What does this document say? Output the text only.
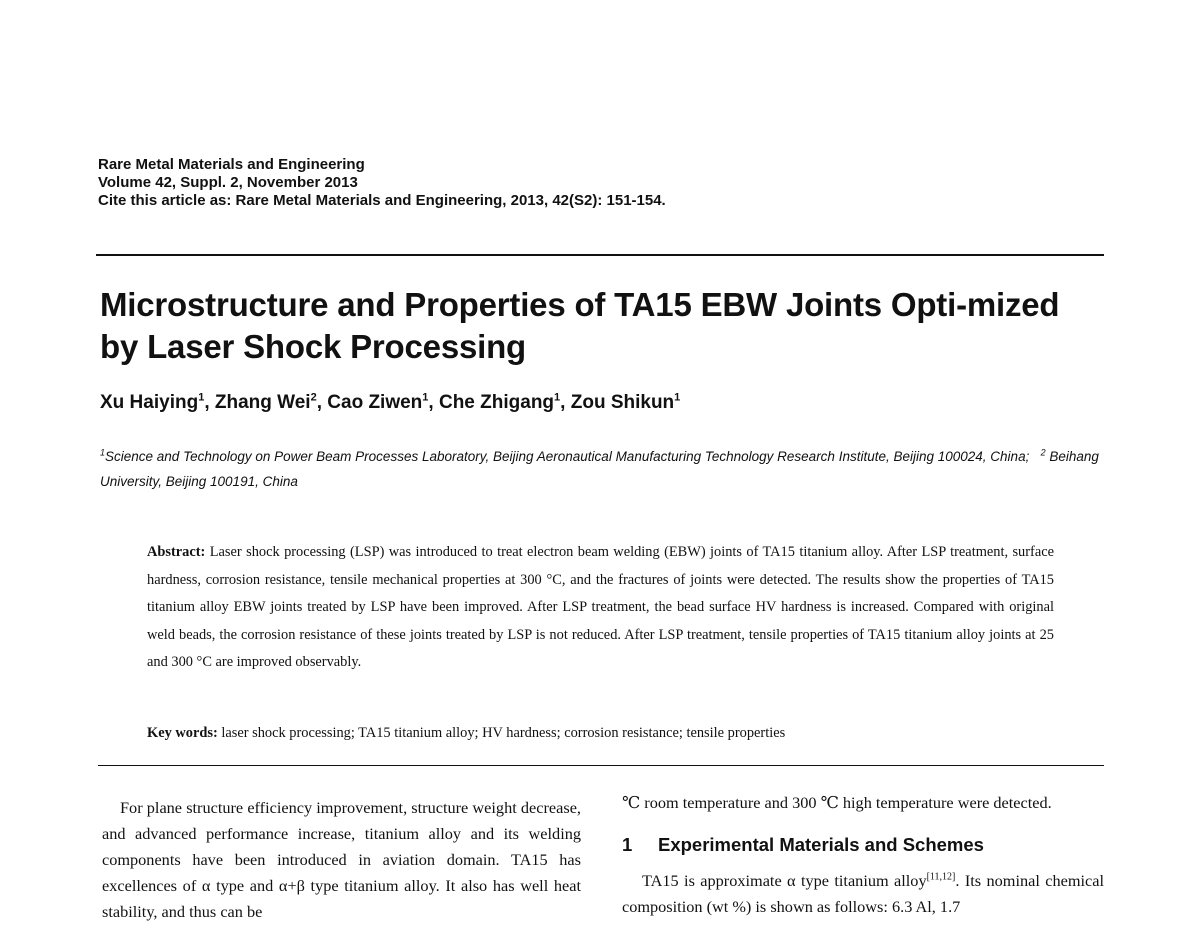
Rare Metal Materials and Engineering
Volume 42, Suppl. 2, November 2013
Cite this article as: Rare Metal Materials and Engineering, 2013, 42(S2): 151-154.
Microstructure and Properties of TA15 EBW Joints Opti-mized by Laser Shock Processing
Xu Haiying$^1$, Zhang Wei$^2$, Cao Ziwen$^1$, Che Zhigang$^1$, Zou Shikun$^1$
$^1$Science and Technology on Power Beam Processes Laboratory, Beijing Aeronautical Manufacturing Technology Research Institute, Beijing 100024, China; $^2$ Beihang University, Beijing 100191, China
Abstract: Laser shock processing (LSP) was introduced to treat electron beam welding (EBW) joints of TA15 titanium alloy. After LSP treatment, surface hardness, corrosion resistance, tensile mechanical properties at 300 °C, and the fractures of joints were detected. The results show the properties of TA15 titanium alloy EBW joints treated by LSP have been improved. After LSP treatment, the bead surface HV hardness is increased. Compared with original weld beads, the corrosion resistance of these joints treated by LSP is not reduced. After LSP treatment, tensile properties of TA15 titanium alloy joints at 25 and 300 °C are improved observably.
Key words: laser shock processing; TA15 titanium alloy; HV hardness; corrosion resistance; tensile properties

For plane structure efficiency improvement, structure weight decrease, and advanced performance increase, titanium alloy and its welding components have been introduced in aviation domain. TA15 has excellences of α type and α+β type titanium alloy. It also has well heat stability, and thus can be

℃ room temperature and 300 ℃ high temperature were detected.

1 Experimental Materials and Schemes

TA15 is approximate α type titanium alloy[11,12]. Its nominal chemical composition (wt %) is shown as follows: 6.3 Al, 1.7
